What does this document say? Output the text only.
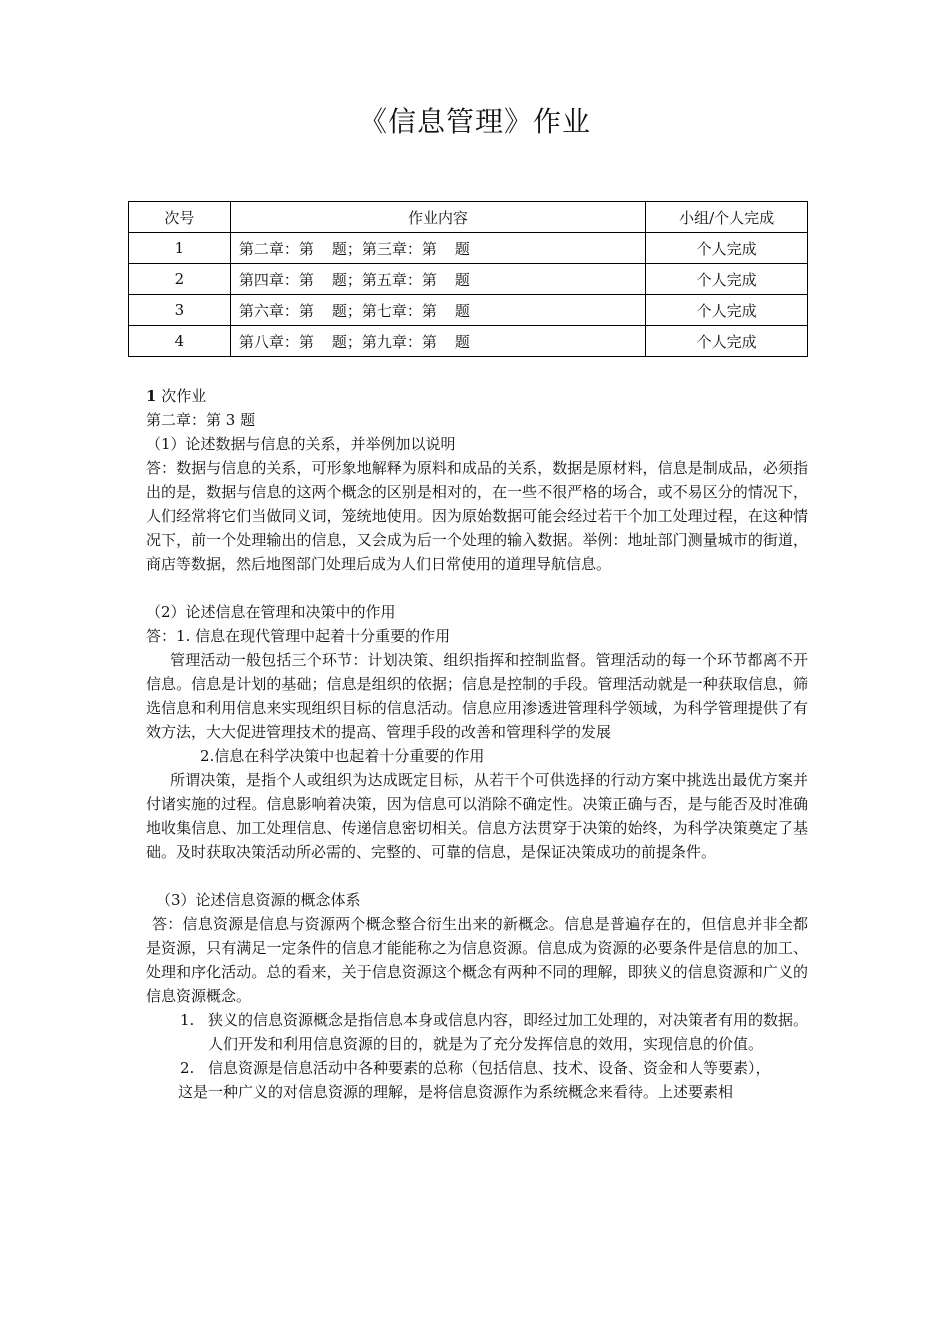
《信息管理》作业
次号	作业内容	小组/个人完成
1	第二章：第 题；第三章：第 题	个人完成
2	第四章：第 题；第五章：第 题	个人完成
3	第六章：第 题；第七章：第 题	个人完成
4	第八章：第 题；第九章：第 题	个人完成

1 次作业

第二章：第 3 题

（1）论述数据与信息的关系，并举例加以说明

答：数据与信息的关系，可形象地解释为原料和成品的关系，数据是原材料，信息是制成品，必须指出的是，数据与信息的这两个概念的区别是相对的，在一些不很严格的场合，或不易区分的情况下，人们经常将它们当做同义词，笼统地使用。因为原始数据可能会经过若干个加工处理过程，在这种情况下，前一个处理输出的信息，又会成为后一个处理的输入数据。举例：地址部门测量城市的街道，商店等数据，然后地图部门处理后成为人们日常使用的道理导航信息。

（2）论述信息在管理和决策中的作用

答：1. 信息在现代管理中起着十分重要的作用

管理活动一般包括三个环节：计划决策、组织指挥和控制监督。管理活动的每一个环节都离不开信息。信息是计划的基础；信息是组织的依据；信息是控制的手段。管理活动就是一种获取信息，筛选信息和利用信息来实现组织目标的信息活动。信息应用渗透进管理科学领域，为科学管理提供了有效方法，大大促进管理技术的提高、管理手段的改善和管理科学的发展

2.信息在科学决策中也起着十分重要的作用

所谓决策，是指个人或组织为达成既定目标，从若干个可供选择的行动方案中挑选出最优方案并付诸实施的过程。信息影响着决策，因为信息可以消除不确定性。决策正确与否，是与能否及时准确地收集信息、加工处理信息、传递信息密切相关。信息方法贯穿于决策的始终，为科学决策奠定了基础。及时获取决策活动所必需的、完整的、可靠的信息，是保证决策成功的前提条件。

（3）论述信息资源的概念体系

答：信息资源是信息与资源两个概念整合衍生出来的新概念。信息是普遍存在的，但信息并非全都是资源，只有满足一定条件的信息才能能称之为信息资源。信息成为资源的必要条件是信息的加工、处理和序化活动。总的看来，关于信息资源这个概念有两种不同的理解，即狭义的信息资源和广义的信息资源概念。

1. 狭义的信息资源概念是指信息本身或信息内容，即经过加工处理的，对决策者有用的数据。人们开发和利用信息资源的目的，就是为了充分发挥信息的效用，实现信息的价值。
2. 信息资源是信息活动中各种要素的总称（包括信息、技术、设备、资金和人等要素），
这是一种广义的对信息资源的理解，是将信息资源作为系统概念来看待。上述要素相
